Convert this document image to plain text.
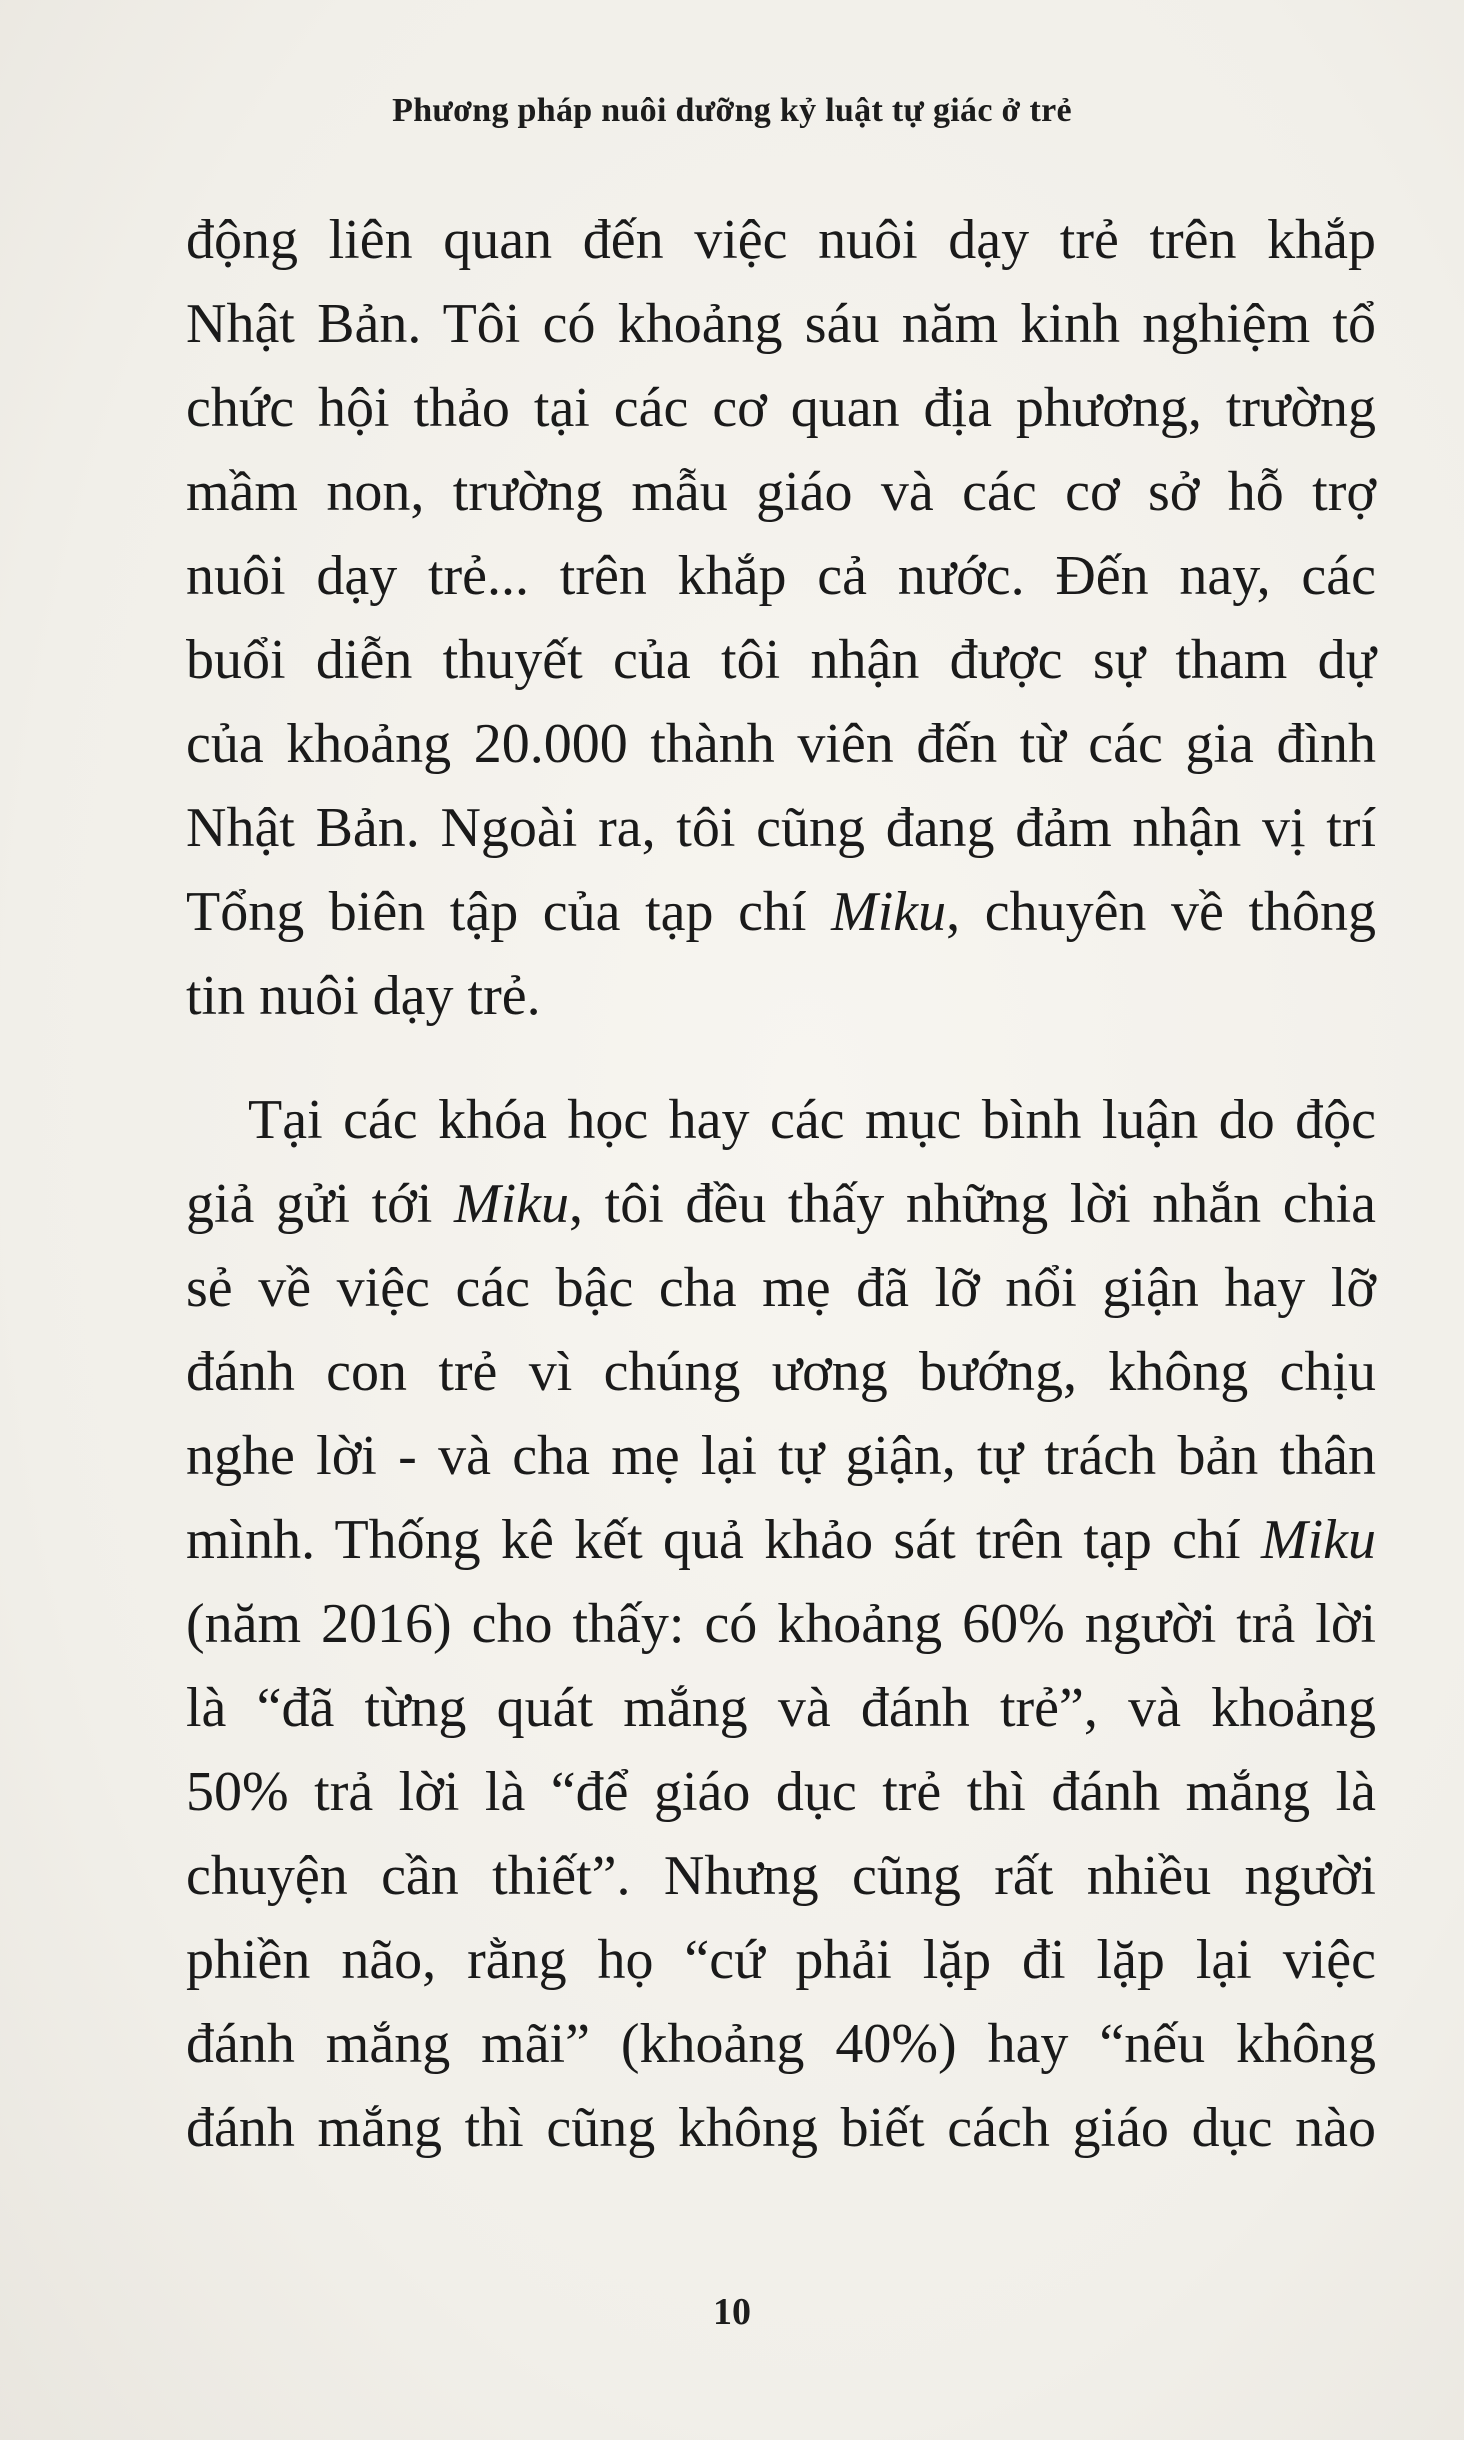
Phương pháp nuôi dưỡng kỷ luật tự giác ở trẻ
động liên quan đến việc nuôi dạy trẻ trên khắp
Nhật Bản. Tôi có khoảng sáu năm kinh nghiệm tổ
chức hội thảo tại các cơ quan địa phương, trường
mầm non, trường mẫu giáo và các cơ sở hỗ trợ
nuôi dạy trẻ... trên khắp cả nước. Đến nay, các
buổi diễn thuyết của tôi nhận được sự tham dự
của khoảng 20.000 thành viên đến từ các gia đình
Nhật Bản. Ngoài ra, tôi cũng đang đảm nhận vị trí
Tổng biên tập của tạp chí Miku, chuyên về thông
tin nuôi dạy trẻ.
Tại các khóa học hay các mục bình luận do độc
giả gửi tới Miku, tôi đều thấy những lời nhắn chia
sẻ về việc các bậc cha mẹ đã lỡ nổi giận hay lỡ
đánh con trẻ vì chúng ương bướng, không chịu
nghe lời - và cha mẹ lại tự giận, tự trách bản thân
mình. Thống kê kết quả khảo sát trên tạp chí Miku
(năm 2016) cho thấy: có khoảng 60% người trả lời
là “đã từng quát mắng và đánh trẻ”, và khoảng
50% trả lời là “để giáo dục trẻ thì đánh mắng là
chuyện cần thiết”. Nhưng cũng rất nhiều người
phiền não, rằng họ “cứ phải lặp đi lặp lại việc
đánh mắng mãi” (khoảng 40%) hay “nếu không
đánh mắng thì cũng không biết cách giáo dục nào
10
